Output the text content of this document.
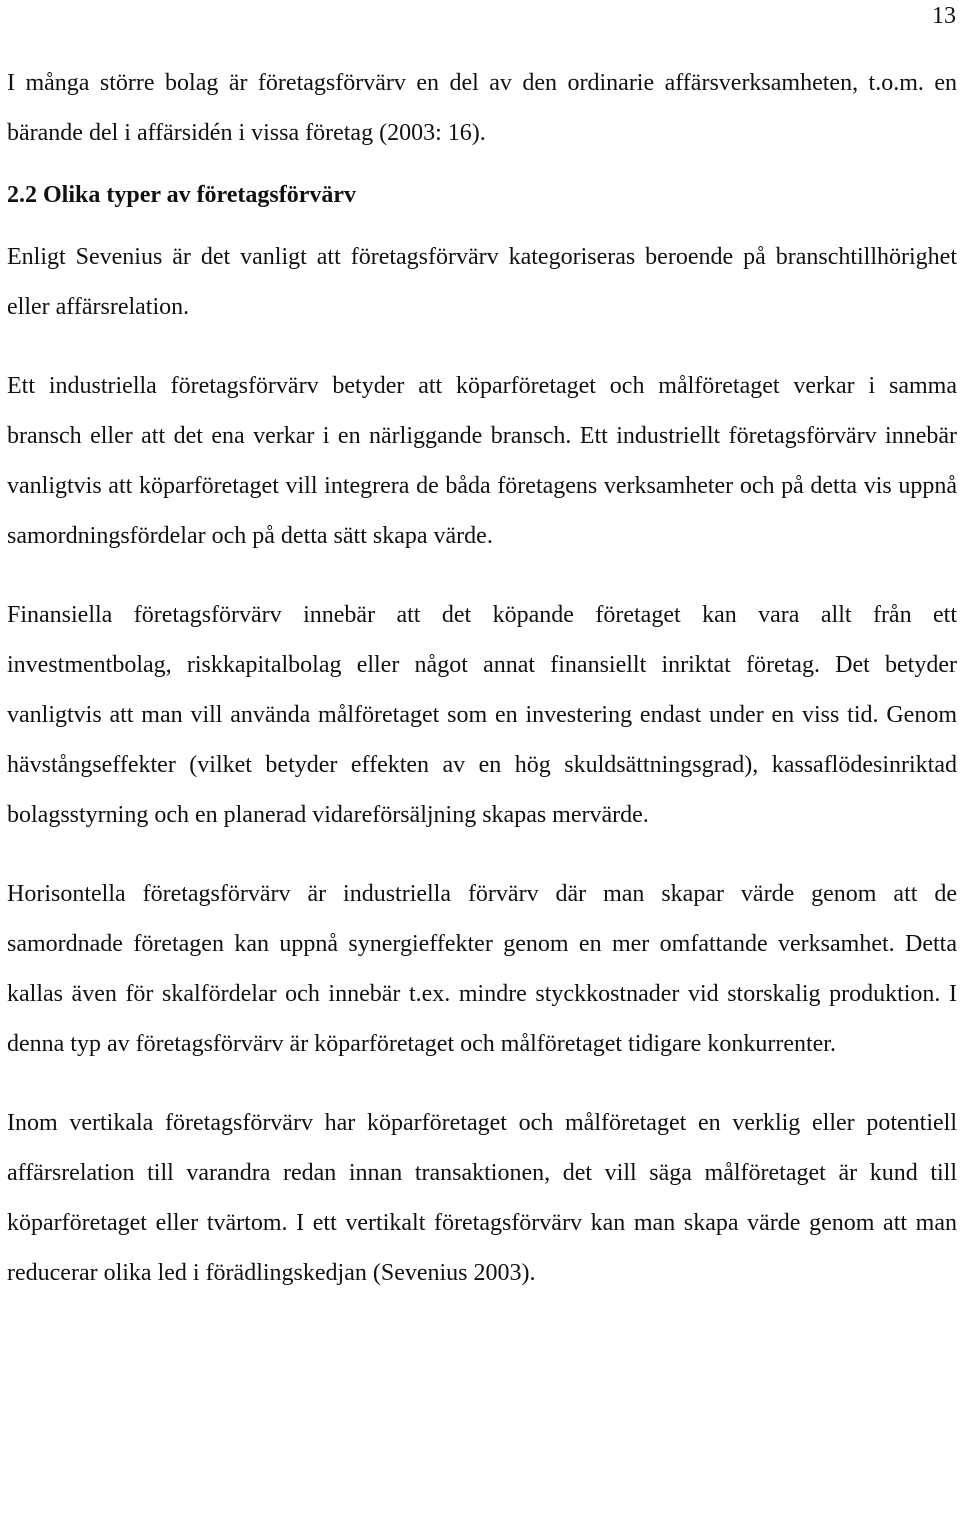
13

I många större bolag är företagsförvärv en del av den ordinarie affärsverksamheten, t.o.m. en bärande del i affärsidén i vissa företag (2003: 16).

2.2 Olika typer av företagsförvärv

Enligt Sevenius är det vanligt att företagsförvärv kategoriseras beroende på branschtillhörighet eller affärsrelation.

Ett industriella företagsförvärv betyder att köparföretaget och målföretaget verkar i samma bransch eller att det ena verkar i en närliggande bransch. Ett industriellt företagsförvärv innebär vanligtvis att köparföretaget vill integrera de båda företagens verksamheter och på detta vis uppnå samordningsfördelar och på detta sätt skapa värde.

Finansiella företagsförvärv innebär att det köpande företaget kan vara allt från ett investmentbolag, riskkapitalbolag eller något annat finansiellt inriktat företag. Det betyder vanligtvis att man vill använda målföretaget som en investering endast under en viss tid. Genom hävstångseffekter (vilket betyder effekten av en hög skuldsättningsgrad), kassaflödesinriktad bolagsstyrning och en planerad vidareförsäljning skapas mervärde.

Horisontella företagsförvärv är industriella förvärv där man skapar värde genom att de samordnade företagen kan uppnå synergieffekter genom en mer omfattande verksamhet. Detta kallas även för skalfördelar och innebär t.ex. mindre styckkostnader vid storskalig produktion. I denna typ av företagsförvärv är köparföretaget och målföretaget tidigare konkurrenter.

Inom vertikala företagsförvärv har köparföretaget och målföretaget en verklig eller potentiell affärsrelation till varandra redan innan transaktionen, det vill säga målföretaget är kund till köparföretaget eller tvärtom. I ett vertikalt företagsförvärv kan man skapa värde genom att man reducerar olika led i förädlingskedjan (Sevenius 2003).
